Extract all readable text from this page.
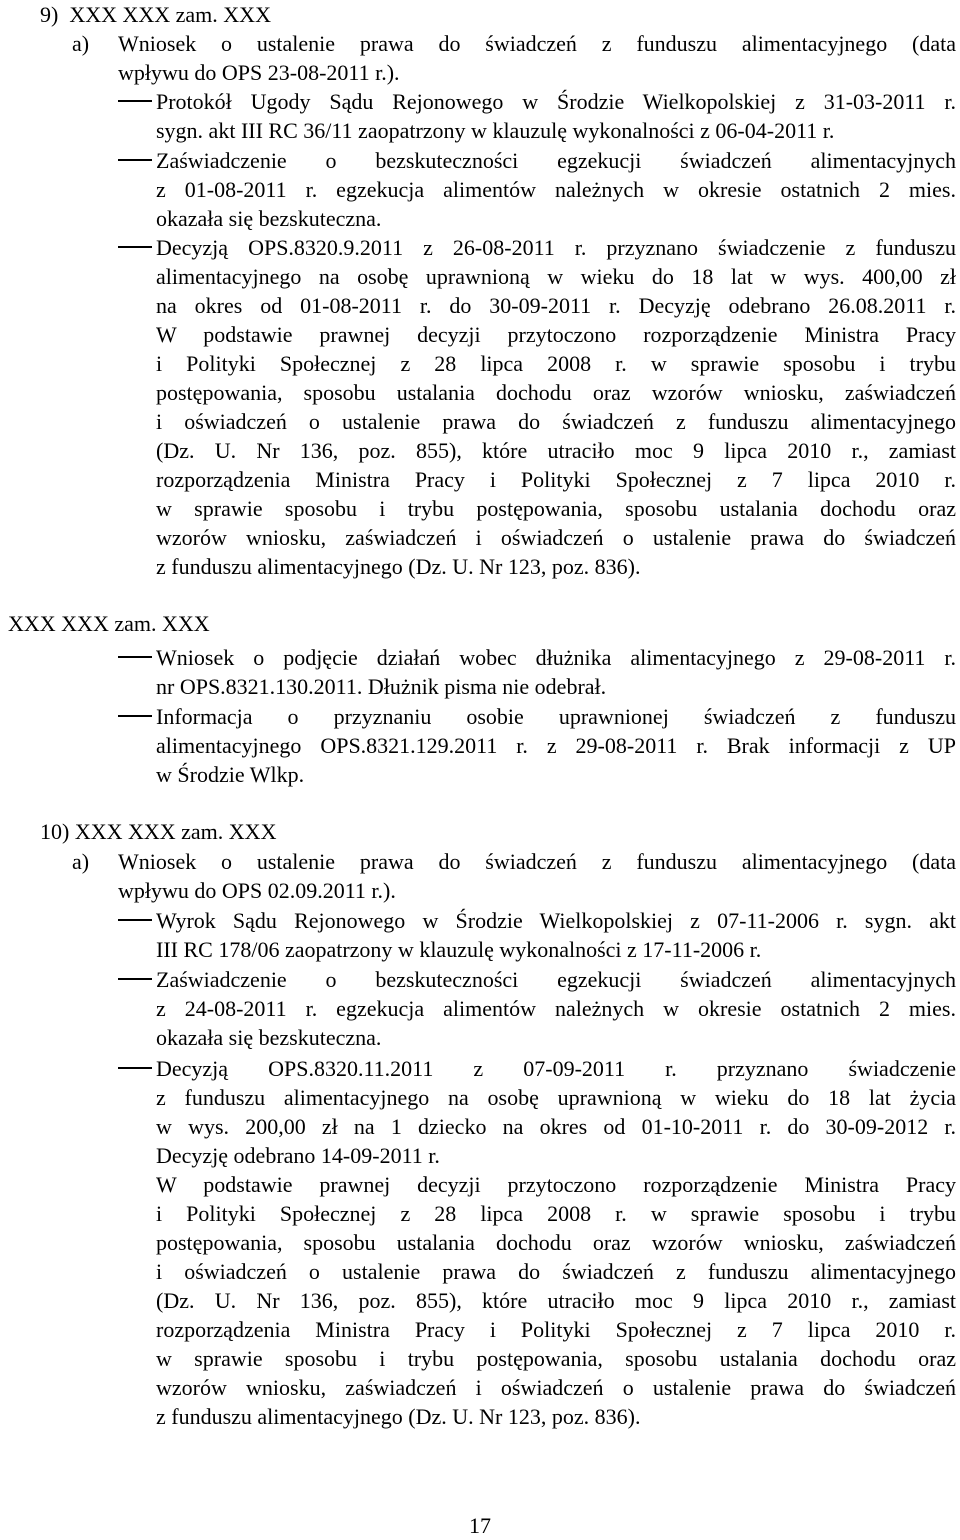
9)  XXX XXX zam. XXX
a) Wniosek o ustalenie prawa do świadczeń z funduszu alimentacyjnego (data
wpływu do OPS 23-08-2011 r.).
Protokół Ugody Sądu Rejonowego w Środzie Wielkopolskiej z 31-03-2011 r.
sygn. akt III RC 36/11 zaopatrzony w klauzulę wykonalności z 06-04-2011 r.
Zaświadczenie o bezskuteczności egzekucji świadczeń alimentacyjnych
z 01-08-2011 r. egzekucja alimentów należnych w okresie ostatnich 2 mies.
okazała się bezskuteczna.
Decyzją OPS.8320.9.2011 z 26-08-2011 r. przyznano świadczenie z funduszu
alimentacyjnego na osobę uprawnioną w wieku do 18 lat w wys. 400,00 zł
na okres od 01-08-2011 r. do 30-09-2011 r. Decyzję odebrano 26.08.2011 r.
W podstawie prawnej decyzji przytoczono rozporządzenie Ministra Pracy
i Polityki Społecznej z 28 lipca 2008 r. w sprawie sposobu i trybu
postępowania, sposobu ustalania dochodu oraz wzorów wniosku, zaświadczeń
i oświadczeń o ustalenie prawa do świadczeń z funduszu alimentacyjnego
(Dz. U. Nr 136, poz. 855), które utraciło moc 9 lipca 2010 r., zamiast
rozporządzenia Ministra Pracy i Polityki Społecznej z 7 lipca 2010 r.
w sprawie sposobu i trybu postępowania, sposobu ustalania dochodu oraz
wzorów wniosku, zaświadczeń i oświadczeń o ustalenie prawa do świadczeń
z funduszu alimentacyjnego (Dz. U. Nr 123, poz. 836).
XXX XXX zam. XXX
Wniosek o podjęcie działań wobec dłużnika alimentacyjnego z 29-08-2011 r.
nr OPS.8321.130.2011. Dłużnik pisma nie odebrał.
Informacja o przyznaniu osobie uprawnionej świadczeń z funduszu
alimentacyjnego OPS.8321.129.2011 r. z 29-08-2011 r. Brak informacji z UP
w Środzie Wlkp.
10) XXX XXX zam. XXX
a) Wniosek o ustalenie prawa do świadczeń z funduszu alimentacyjnego (data
wpływu do OPS 02.09.2011 r.).
Wyrok Sądu Rejonowego w Środzie Wielkopolskiej z 07-11-2006 r. sygn. akt
III RC 178/06 zaopatrzony w klauzulę wykonalności z 17-11-2006 r.
Zaświadczenie o bezskuteczności egzekucji świadczeń alimentacyjnych
z 24-08-2011 r. egzekucja alimentów należnych w okresie ostatnich 2 mies.
okazała się bezskuteczna.
Decyzją OPS.8320.11.2011 z 07-09-2011 r. przyznano świadczenie
z funduszu alimentacyjnego na osobę uprawnioną w wieku do 18 lat życia
w wys. 200,00 zł na 1 dziecko na okres od 01-10-2011 r. do 30-09-2012 r.
Decyzję odebrano 14-09-2011 r.
W podstawie prawnej decyzji przytoczono rozporządzenie Ministra Pracy
i Polityki Społecznej z 28 lipca 2008 r. w sprawie sposobu i trybu
postępowania, sposobu ustalania dochodu oraz wzorów wniosku, zaświadczeń
i oświadczeń o ustalenie prawa do świadczeń z funduszu alimentacyjnego
(Dz. U. Nr 136, poz. 855), które utraciło moc 9 lipca 2010 r., zamiast
rozporządzenia Ministra Pracy i Polityki Społecznej z 7 lipca 2010 r.
w sprawie sposobu i trybu postępowania, sposobu ustalania dochodu oraz
wzorów wniosku, zaświadczeń i oświadczeń o ustalenie prawa do świadczeń
z funduszu alimentacyjnego (Dz. U. Nr 123, poz. 836).
17
